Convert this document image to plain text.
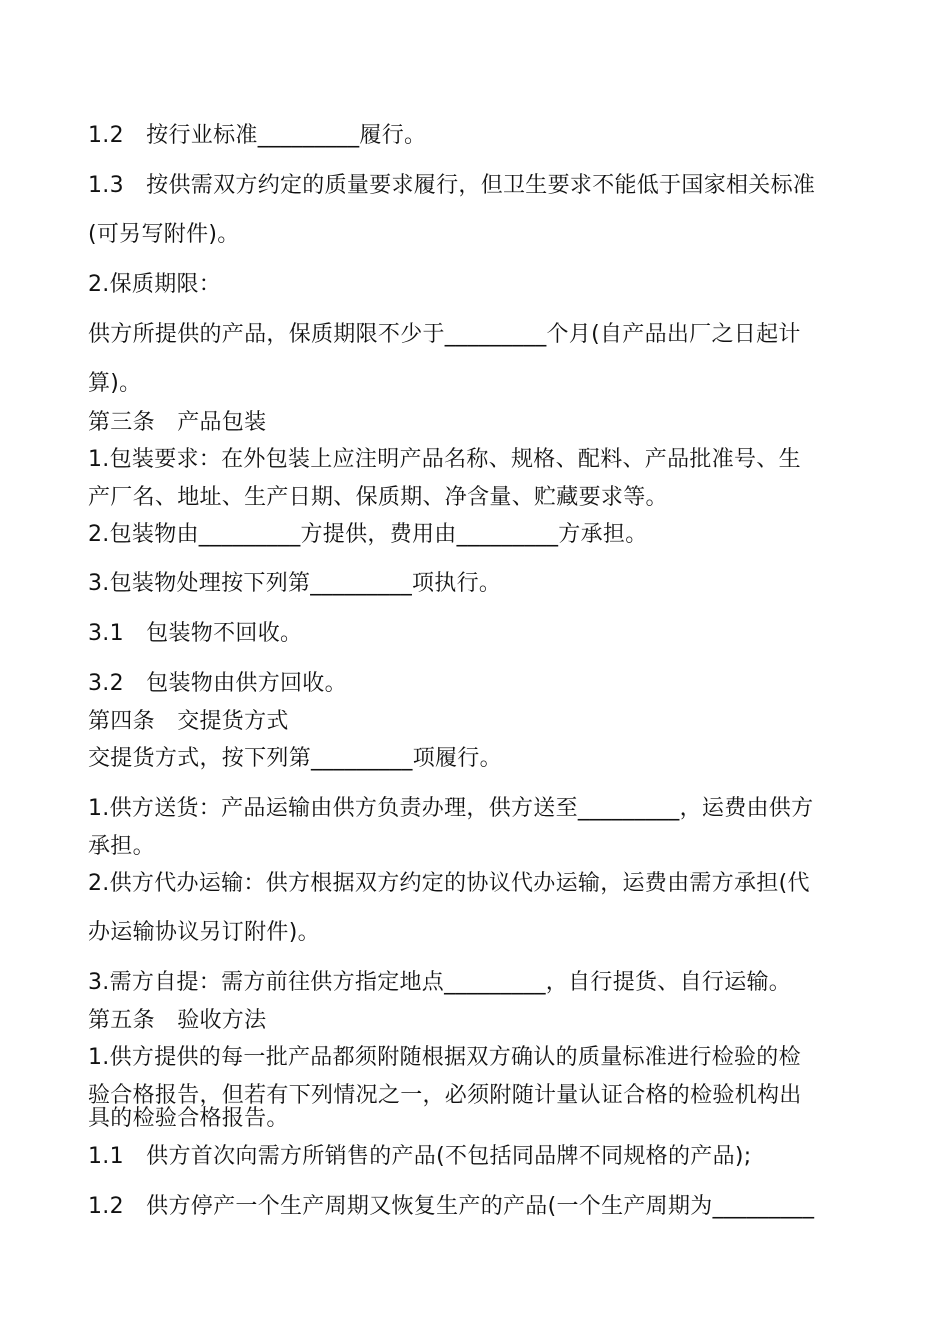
1.2　按行业标准_________履行。
1.3　按供需双方约定的质量要求履行，但卫生要求不能低于国家相关标准
(可另写附件)。
2.保质期限：
供方所提供的产品，保质期限不少于_________个月(自产品出厂之日起计
算)。
第三条　产品包装
1.包装要求：在外包装上应注明产品名称、规格、配料、产品批准号、生
产厂名、地址、生产日期、保质期、净含量、贮藏要求等。
2.包装物由_________方提供，费用由_________方承担。
3.包装物处理按下列第_________项执行。
3.1　包装物不回收。
3.2　包装物由供方回收。
第四条　交提货方式
交提货方式，按下列第_________项履行。
1.供方送货：产品运输由供方负责办理，供方送至_________，运费由供方
承担。
2.供方代办运输：供方根据双方约定的协议代办运输，运费由需方承担(代
办运输协议另订附件)。
3.需方自提：需方前往供方指定地点_________，自行提货、自行运输。
第五条　验收方法
1.供方提供的每一批产品都须附随根据双方确认的质量标准进行检验的检
验合格报告，但若有下列情况之一，必须附随计量认证合格的检验机构出
具的检验合格报告。
1.1　供方首次向需方所销售的产品(不包括同品牌不同规格的产品);
1.2　供方停产一个生产周期又恢复生产的产品(一个生产周期为_________
